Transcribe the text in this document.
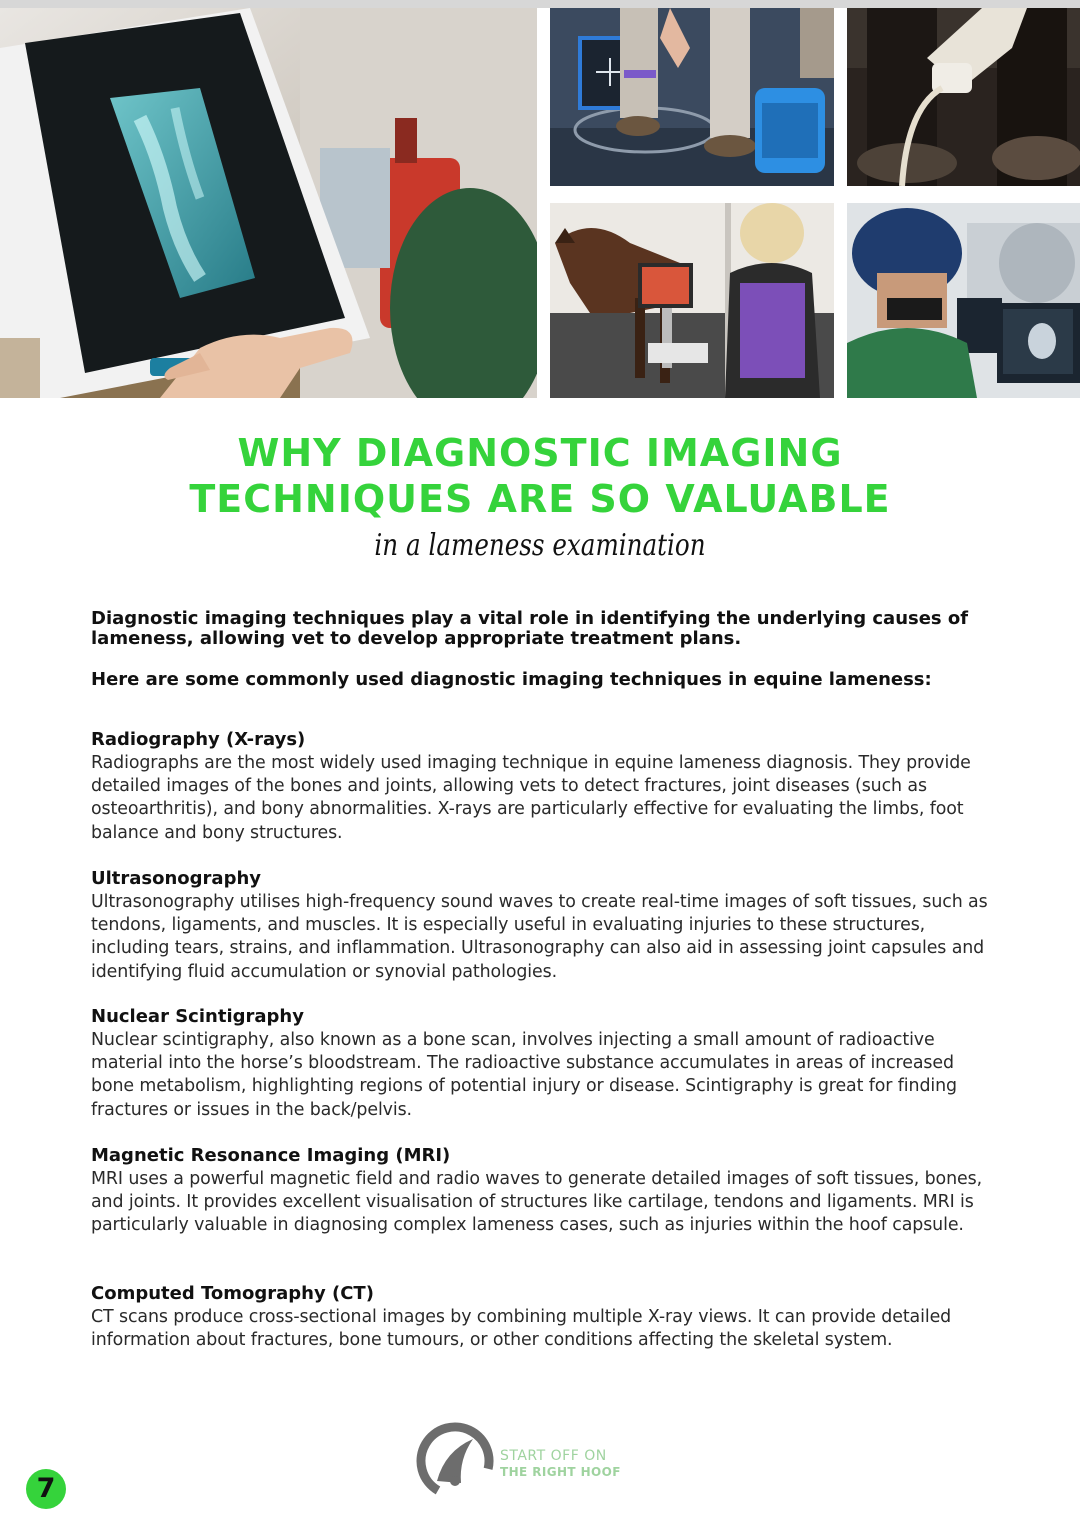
WHY DIAGNOSTIC IMAGING
TECHNIQUES ARE SO VALUABLE

in a lameness examination

Diagnostic imaging techniques play a vital role in identifying the underlying causes of lameness, allowing vet to develop appropriate treatment plans.

Here are some commonly used diagnostic imaging techniques in equine lameness:

Radiography (X-rays)

Radiographs are the most widely used imaging technique in equine lameness diagnosis. They provide detailed images of the bones and joints, allowing vets to detect fractures, joint diseases (such as osteoarthritis), and bony abnormalities. X-rays are particularly effective for evaluating the limbs, foot balance and bony structures.

Ultrasonography

Ultrasonography utilises high-frequency sound waves to create real-time images of soft tissues, such as tendons, ligaments, and muscles. It is especially useful in evaluating injuries to these structures, including tears, strains, and inflammation. Ultrasonography can also aid in assessing joint capsules and identifying fluid accumulation or synovial pathologies.

Nuclear Scintigraphy

Nuclear scintigraphy, also known as a bone scan, involves injecting a small amount of radioactive material into the horse’s bloodstream. The radioactive substance accumulates in areas of increased bone metabolism, highlighting regions of potential injury or disease. Scintigraphy is great for finding fractures or issues in the back/pelvis.

Magnetic Resonance Imaging (MRI)

MRI uses a powerful magnetic field and radio waves to generate detailed images of soft tissues, bones, and joints. It provides excellent visualisation of structures like cartilage, tendons and ligaments. MRI is particularly valuable in diagnosing complex lameness cases, such as injuries within the hoof capsule.

Computed Tomography (CT)

CT scans produce cross-sectional images by combining multiple X-ray views. It can provide detailed information about fractures, bone tumours, or other conditions affecting the skeletal system.

START OFF ON
THE RIGHT HOOF
7
